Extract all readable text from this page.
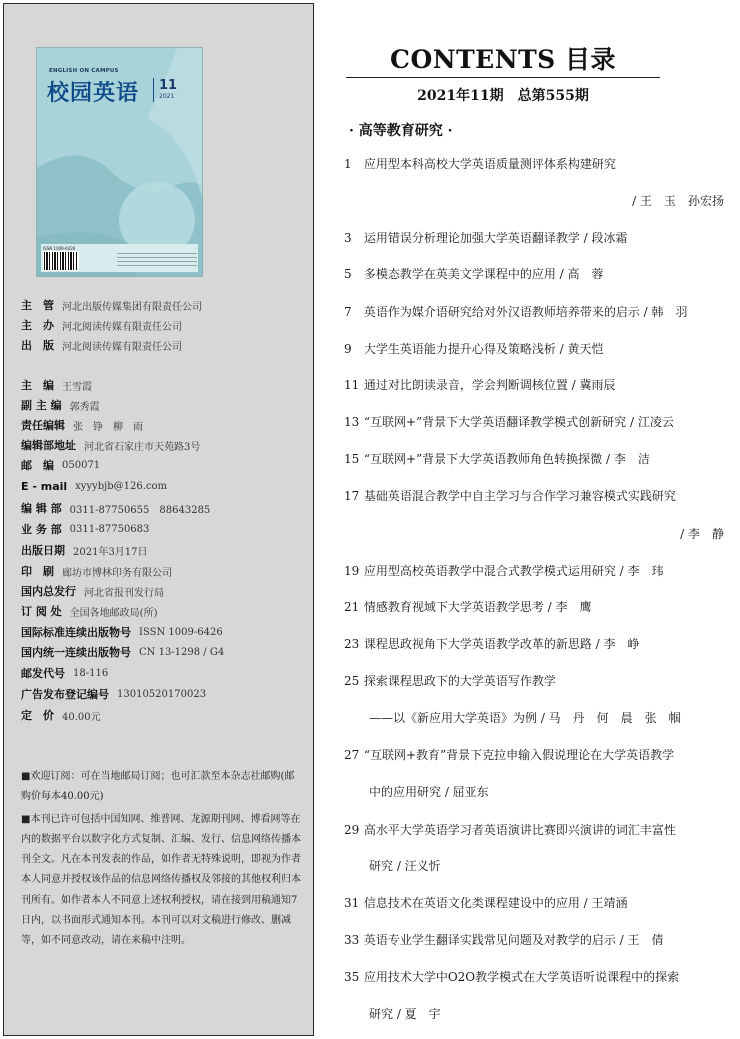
ENGLISH ON CAMPUS
校园英语 11
2021
ISSN 1009-6426
主　管 河北出版传媒集团有限责任公司
主　办 河北阅读传媒有限责任公司
出　版 河北阅读传媒有限责任公司
主　编 王雪霞
副 主 编 郭秀霞
责任编辑 张　铮　柳　雨
编辑部地址 河北省石家庄市天苑路3号
邮　编 050071
E - mail xyyybjb@126.com
编 辑 部 0311-87750655　88643285
业 务 部 0311-87750683
出版日期 2021年3月17日
印　刷 廊坊市博林印务有限公司
国内总发行 河北省报刊发行局
订 阅 处 全国各地邮政局(所)
国际标准连续出版物号 ISSN 1009-6426
国内统一连续出版物号 CN 13-1298 / G4
邮发代号 18-116
广告发布登记编号 13010520170023
定　价 40.00元

■欢迎订阅：可在当地邮局订阅；也可汇款至本杂志社邮购(邮购价每本40.00元)

■本刊已许可包括中国知网、维普网、龙源期刊网、博看网等在内的数据平台以数字化方式复制、汇编、发行、信息网络传播本刊全文。凡在本刊发表的作品，如作者无特殊说明，即视为作者本人同意并授权该作品的信息网络传播权及邻接的其他权利归本刊所有。如作者本人不同意上述权利授权，请在接到用稿通知7日内，以书面形式通知本刊。本刊可以对文稿进行修改、删减等，如不同意改动，请在来稿中注明。

CONTENTS 目录
2021年11期　总第555期
· 高等教育研究 ·
1 应用型本科高校大学英语质量测评体系构建研究
/ 王　玉　孙宏扬
3 运用错误分析理论加强大学英语翻译教学 / 段冰霜
5 多模态教学在英美文学课程中的应用 / 高　蓉
7 英语作为媒介语研究给对外汉语教师培养带来的启示 / 韩　羽
9 大学生英语能力提升心得及策略浅析 / 黄天恺
11 通过对比朗读录音，学会判断调核位置 / 冀雨辰
13 “互联网+”背景下大学英语翻译教学模式创新研究 / 江凌云
15 “互联网+”背景下大学英语教师角色转换探微 / 李　洁
17 基础英语混合教学中自主学习与合作学习兼容模式实践研究
/ 李　静
19 应用型高校英语教学中混合式教学模式运用研究 / 李　玮
21 情感教育视域下大学英语教学思考 / 李　鹰
23 课程思政视角下大学英语教学改革的新思路 / 李　峥
25 探索课程思政下的大学英语写作教学
——以《新应用大学英语》为例 / 马　丹　何　晨　张　帼
27 “互联网+教育”背景下克拉申输入假说理论在大学英语教学
中的应用研究 / 屈亚东
29 高水平大学英语学习者英语演讲比赛即兴演讲的词汇丰富性
研究 / 汪义忻
31 信息技术在英语文化类课程建设中的应用 / 王靖涵
33 英语专业学生翻译实践常见问题及对教学的启示 / 王　倩
35 应用技术大学中O2O教学模式在大学英语听说课程中的探索
研究 / 夏　宇
